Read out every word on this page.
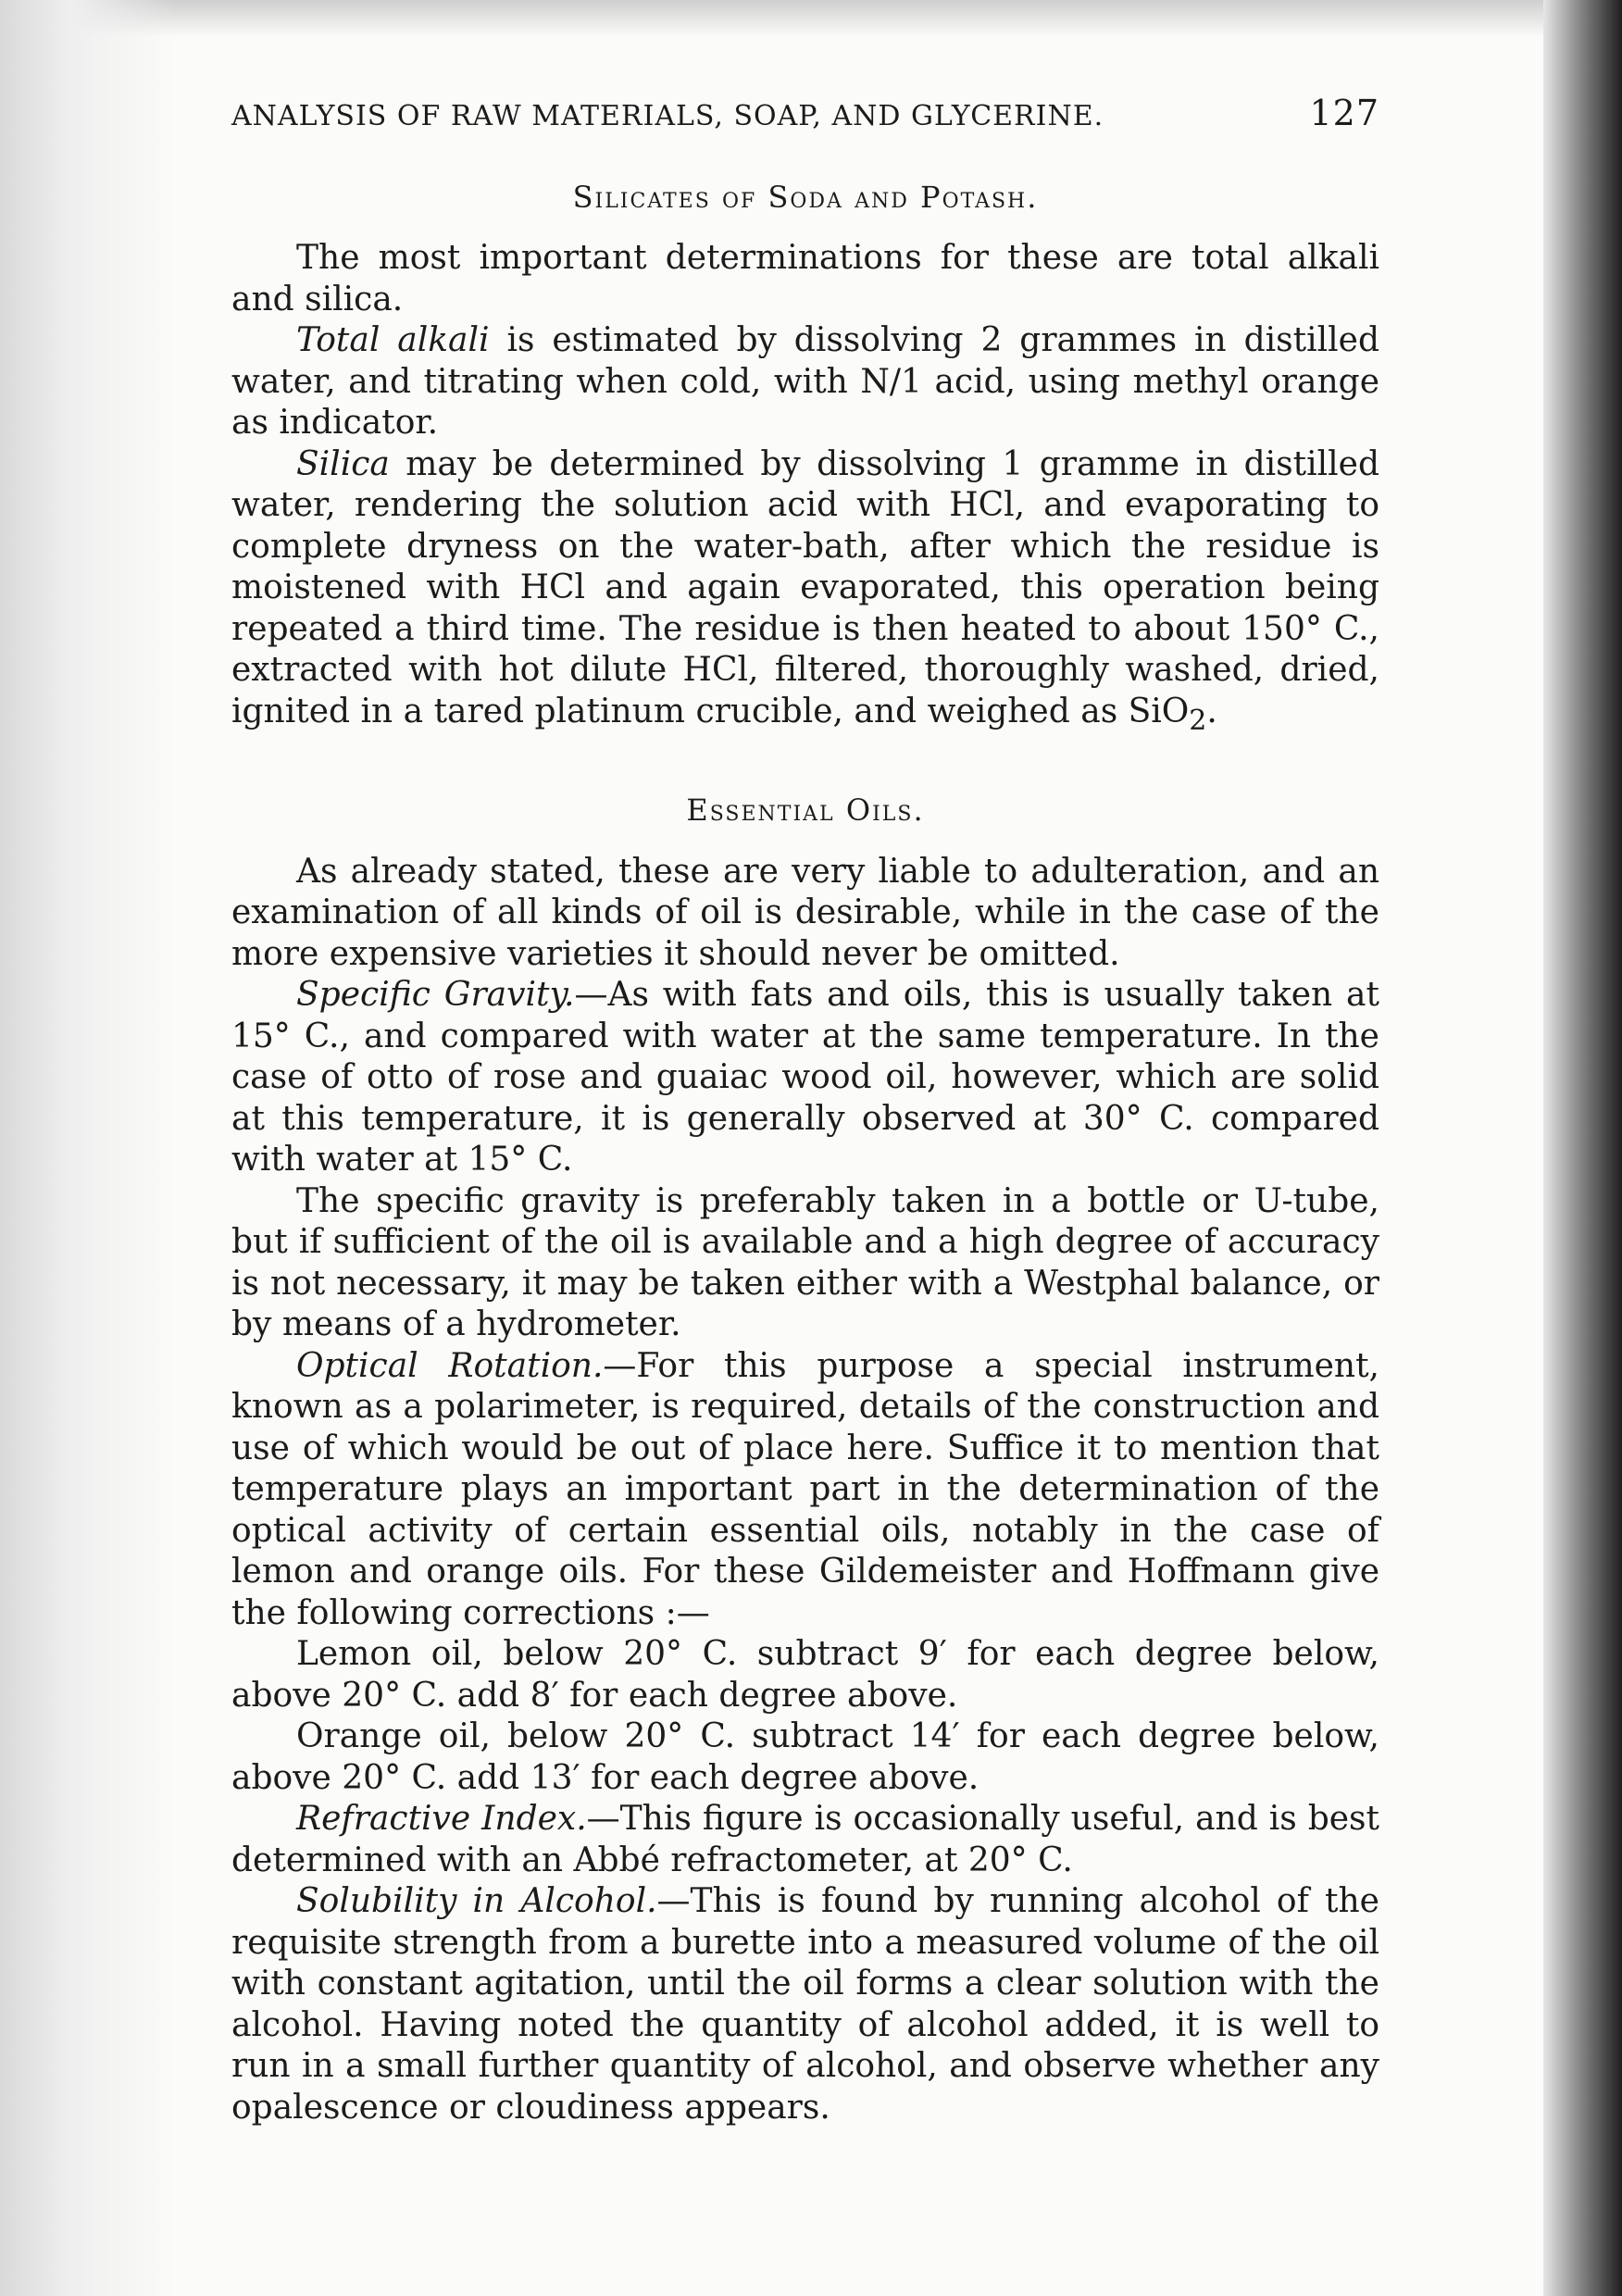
ANALYSIS OF RAW MATERIALS, SOAP, AND GLYCERINE.	127
Silicates of Soda and Potash.

The most important determinations for these are total alkali and silica.

Total alkali is estimated by dissolving 2 grammes in distilled water, and titrating when cold, with N/1 acid, using methyl orange as indicator.

Silica may be determined by dissolving 1 gramme in distilled water, rendering the solution acid with HCl, and evaporating to complete dryness on the water-bath, after which the residue is moistened with HCl and again evaporated, this operation being repeated a third time. The residue is then heated to about 150° C., extracted with hot dilute HCl, filtered, thoroughly washed, dried, ignited in a tared platinum crucible, and weighed as SiO$_2$.

Essential Oils.

As already stated, these are very liable to adulteration, and an examination of all kinds of oil is desirable, while in the case of the more expensive varieties it should never be omitted.

Specific Gravity.—As with fats and oils, this is usually taken at 15° C., and compared with water at the same temperature. In the case of otto of rose and guaiac wood oil, however, which are solid at this temperature, it is generally observed at 30° C. compared with water at 15° C.

The specific gravity is preferably taken in a bottle or U-tube, but if sufficient of the oil is available and a high degree of accuracy is not necessary, it may be taken either with a Westphal balance, or by means of a hydrometer.

Optical Rotation.—For this purpose a special instrument, known as a polarimeter, is required, details of the construction and use of which would be out of place here. Suffice it to mention that temperature plays an important part in the determination of the optical activity of certain essential oils, notably in the case of lemon and orange oils. For these Gildemeister and Hoffmann give the following corrections :—

Lemon oil, below 20° C. subtract 9′ for each degree below, above 20° C. add 8′ for each degree above.

Orange oil, below 20° C. subtract 14′ for each degree below, above 20° C. add 13′ for each degree above.

Refractive Index.—This figure is occasionally useful, and is best determined with an Abbé refractometer, at 20° C.

Solubility in Alcohol.—This is found by running alcohol of the requisite strength from a burette into a measured volume of the oil with constant agitation, until the oil forms a clear solution with the alcohol. Having noted the quantity of alcohol added, it is well to run in a small further quantity of alcohol, and observe whether any opalescence or cloudiness appears.
